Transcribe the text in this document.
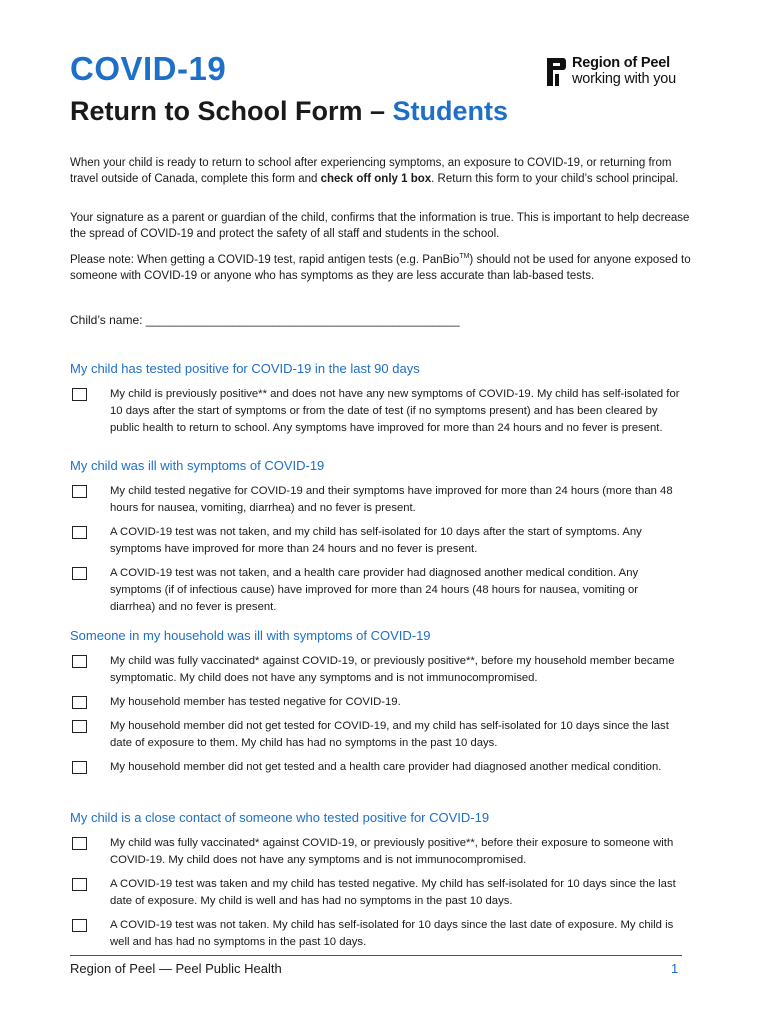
COVID-19
Return to School Form – Students
Region of Peel
working with you

When your child is ready to return to school after experiencing symptoms, an exposure to COVID-19, or returning from travel outside of Canada, complete this form and check off only 1 box. Return this form to your child’s school principal.

Your signature as a parent or guardian of the child, confirms that the information is true. This is important to help decrease the spread of COVID-19 and protect the safety of all staff and students in the school.

Please note: When getting a COVID-19 test, rapid antigen tests (e.g. PanBio™) should not be used for anyone exposed to someone with COVID-19 or anyone who has symptoms as they are less accurate than lab-based tests.

Child’s name: _______________________________________________
My child has tested positive for COVID-19 in the last 90 days

My child is previously positive** and does not have any new symptoms of COVID-19. My child has self-isolated for 10 days after the start of symptoms or from the date of test (if no symptoms present) and has been cleared by public health to return to school. Any symptoms have improved for more than 24 hours and no fever is present.

My child was ill with symptoms of COVID-19

My child tested negative for COVID-19 and their symptoms have improved for more than 24 hours (more than 48 hours for nausea, vomiting, diarrhea) and no fever is present.

A COVID-19 test was not taken, and my child has self-isolated for 10 days after the start of symptoms. Any symptoms have improved for more than 24 hours and no fever is present.

A COVID-19 test was not taken, and a health care provider had diagnosed another medical condition. Any symptoms (if of infectious cause) have improved for more than 24 hours (48 hours for nausea, vomiting or diarrhea) and no fever is present.

Someone in my household was ill with symptoms of COVID-19

My child was fully vaccinated* against COVID-19, or previously positive**, before my household member became symptomatic. My child does not have any symptoms and is not immunocompromised.

My household member has tested negative for COVID-19.

My household member did not get tested for COVID-19, and my child has self-isolated for 10 days since the last date of exposure to them. My child has had no symptoms in the past 10 days.

My household member did not get tested and a health care provider had diagnosed another medical condition.

My child is a close contact of someone who tested positive for COVID-19

My child was fully vaccinated* against COVID-19, or previously positive**, before their exposure to someone with COVID-19. My child does not have any symptoms and is not immunocompromised.

A COVID-19 test was taken and my child has tested negative. My child has self-isolated for 10 days since the last date of exposure. My child is well and has had no symptoms in the past 10 days.

A COVID-19 test was not taken. My child has self-isolated for 10 days since the last date of exposure. My child is well and has had no symptoms in the past 10 days.

Region of Peel — Peel Public Health	1
